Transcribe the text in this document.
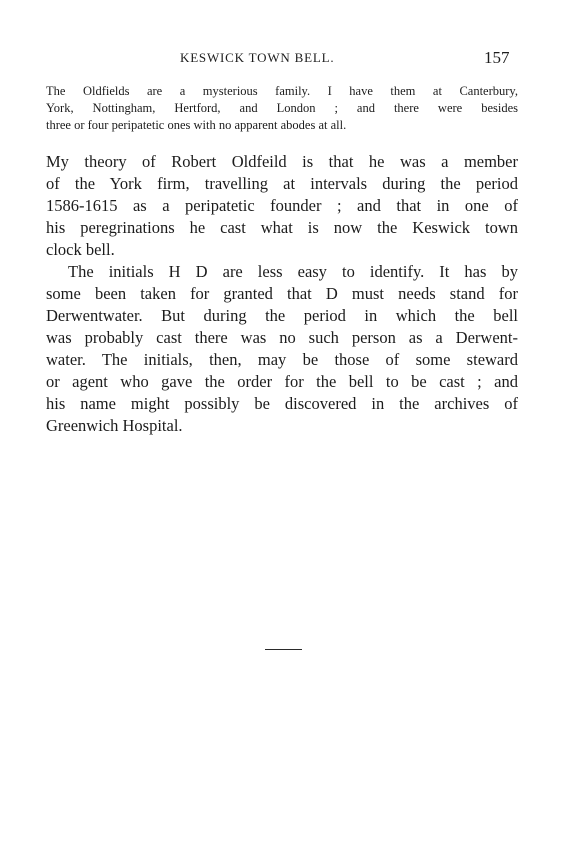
KESWICK TOWN BELL.	157
The Oldfields are a mysterious family. I have them at Canterbury,
York, Nottingham, Hertford, and London ; and there were besides
three or four peripatetic ones with no apparent abodes at all.
My theory of Robert Oldfeild is that he was a member
of the York firm, travelling at intervals during the period
1586-1615 as a peripatetic founder ; and that in one of
his peregrinations he cast what is now the Keswick town
clock bell.
The initials H D are less easy to identify. It has by
some been taken for granted that D must needs stand for
Derwentwater. But during the period in which the bell
was probably cast there was no such person as a Derwent-
water. The initials, then, may be those of some steward
or agent who gave the order for the bell to be cast ; and
his name might possibly be discovered in the archives of
Greenwich Hospital.
